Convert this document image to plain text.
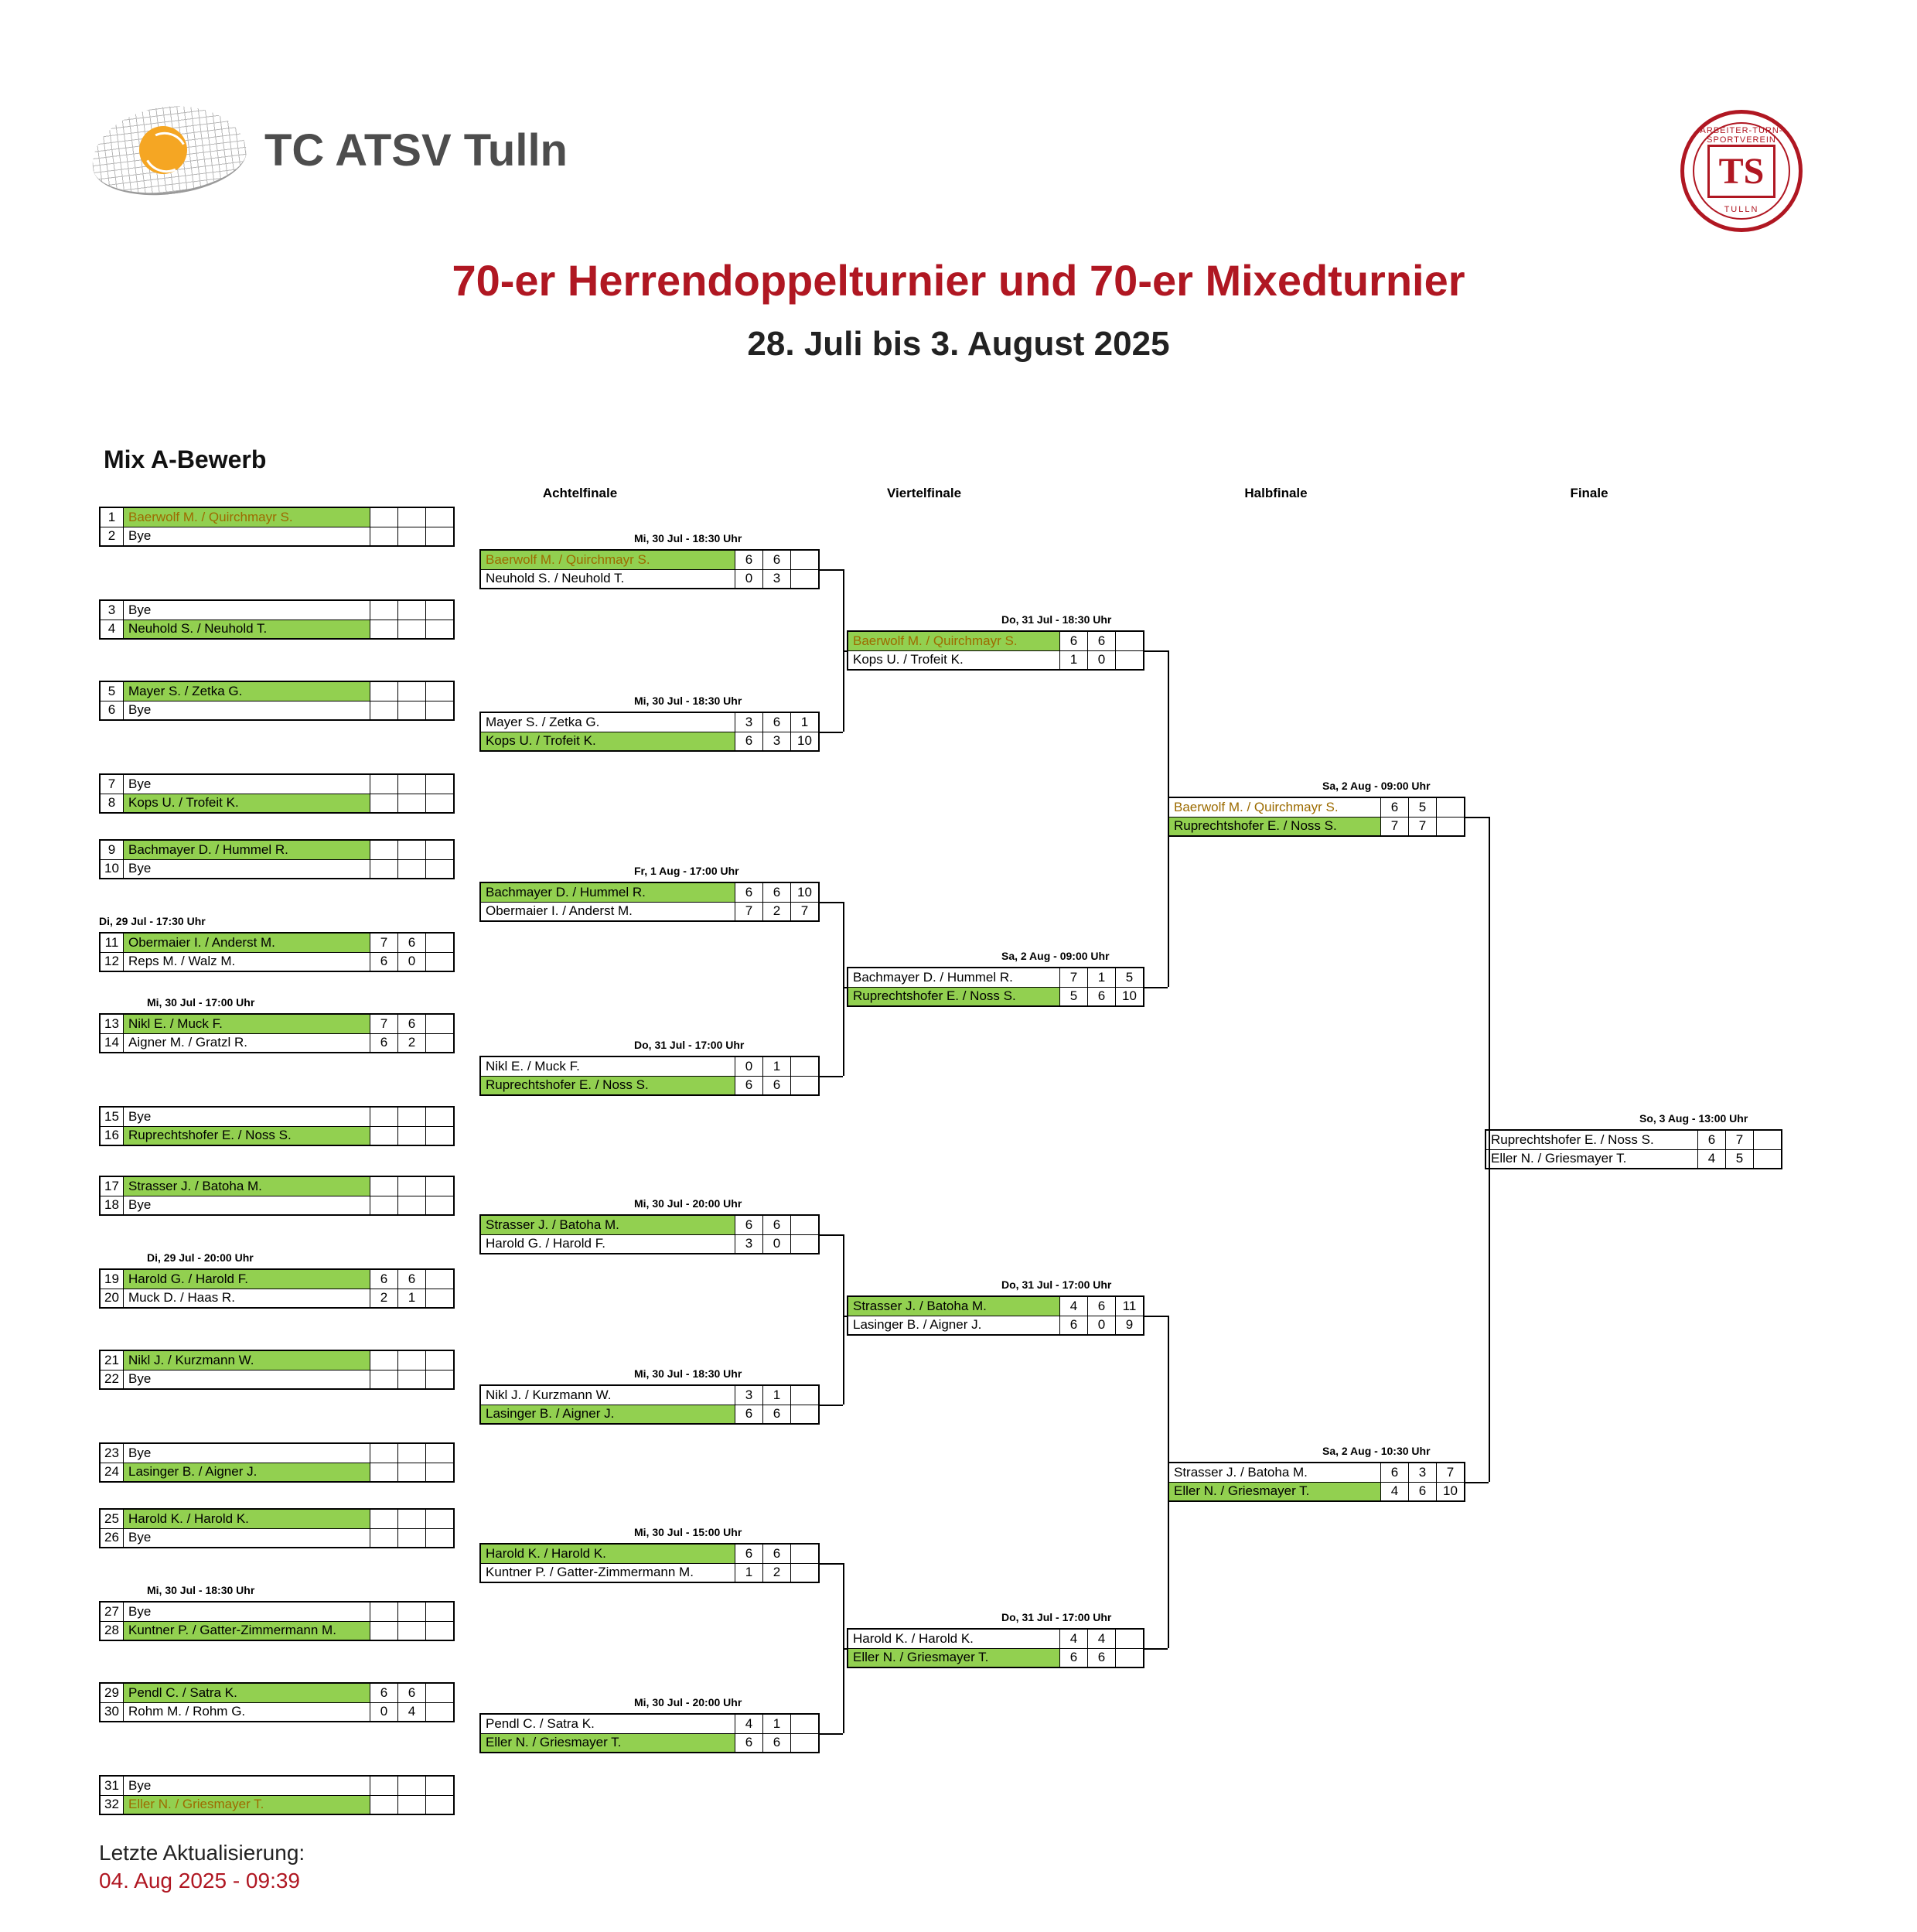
TC ATSV Tulln	ARBEITER-TURN-SPORTVEREIN
TS
TULLN
70-er Herrendoppelturnier und 70-er Mixedturnier
28. Juli bis 3. August 2025
Mix A-Bewerb
Achtelfinale	Viertelfinale	Halbfinale	Finale
1 Baerwolf M. / Quirchmayr S.
2 Bye
3 Bye
4 Neuhold S. / Neuhold T.
5 Mayer S. / Zetka G.
6 Bye
7 Bye
8 Kops U. / Trofeit K.
9 Bachmayer D. / Hummel R.
10 Bye
11 Obermaier I. / Anderst M.	7	6
12 Reps M. / Walz M.	6	0
13 Nikl E. / Muck F.	7	6
14 Aigner M. / Gratzl R.	6	2
15 Bye
16 Ruprechtshofer E. / Noss S.
17 Strasser J. / Batoha M.
18 Bye
19 Harold G. / Harold F.	6	6
20 Muck D. / Haas R.	2	1
21 Nikl J. / Kurzmann W.
22 Bye
23 Bye
24 Lasinger B. / Aigner J.
25 Harold K. / Harold K.
26 Bye
27 Bye
28 Kuntner P. / Gatter-Zimmermann M.
29 Pendl C. / Satra K.	6	6
30 Rohm M. / Rohm G.	0	4
31 Bye
32 Eller N. / Griesmayer T.
Di, 29 Jul - 17:30 Uhr
Mi, 30 Jul - 17:00 Uhr
Di, 29 Jul - 20:00 Uhr
Mi, 30 Jul - 18:30 Uhr
Mi, 30 Jul - 18:30 Uhr
Baerwolf M. / Quirchmayr S.	6	6
Neuhold S. / Neuhold T.	0	3
Mi, 30 Jul - 18:30 Uhr
Mayer S. / Zetka G.	3	6	1
Kops U. / Trofeit K.	6	3	10
Fr, 1 Aug - 17:00 Uhr
Bachmayer D. / Hummel R.	6	6	10
Obermaier I. / Anderst M.	7	2	7
Do, 31 Jul - 17:00 Uhr
Nikl E. / Muck F.	0	1
Ruprechtshofer E. / Noss S.	6	6
Mi, 30 Jul - 20:00 Uhr
Strasser J. / Batoha M.	6	6
Harold G. / Harold F.	3	0
Mi, 30 Jul - 18:30 Uhr
Nikl J. / Kurzmann W.	3	1
Lasinger B. / Aigner J.	6	6
Mi, 30 Jul - 15:00 Uhr
Harold K. / Harold K.	6	6
Kuntner P. / Gatter-Zimmermann M.	1	2
Mi, 30 Jul - 20:00 Uhr
Pendl C. / Satra K.	4	1
Eller N. / Griesmayer T.	6	6
Do, 31 Jul - 18:30 Uhr
Baerwolf M. / Quirchmayr S.	6	6
Kops U. / Trofeit K.	1	0
Sa, 2 Aug - 09:00 Uhr
Bachmayer D. / Hummel R.	7	1	5
Ruprechtshofer E. / Noss S.	5	6	10
Do, 31 Jul - 17:00 Uhr
Strasser J. / Batoha M.	4	6	11
Lasinger B. / Aigner J.	6	0	9
Do, 31 Jul - 17:00 Uhr
Harold K. / Harold K.	4	4
Eller N. / Griesmayer T.	6	6
Sa, 2 Aug - 09:00 Uhr
Baerwolf M. / Quirchmayr S.	6	5
Ruprechtshofer E. / Noss S.	7	7
Sa, 2 Aug - 10:30 Uhr
Strasser J. / Batoha M.	6	3	7
Eller N. / Griesmayer T.	4	6	10
So, 3 Aug - 13:00 Uhr
Ruprechtshofer E. / Noss S.	6	7
Eller N. / Griesmayer T.	4	5
Letzte Aktualisierung:
04. Aug 2025 - 09:39
